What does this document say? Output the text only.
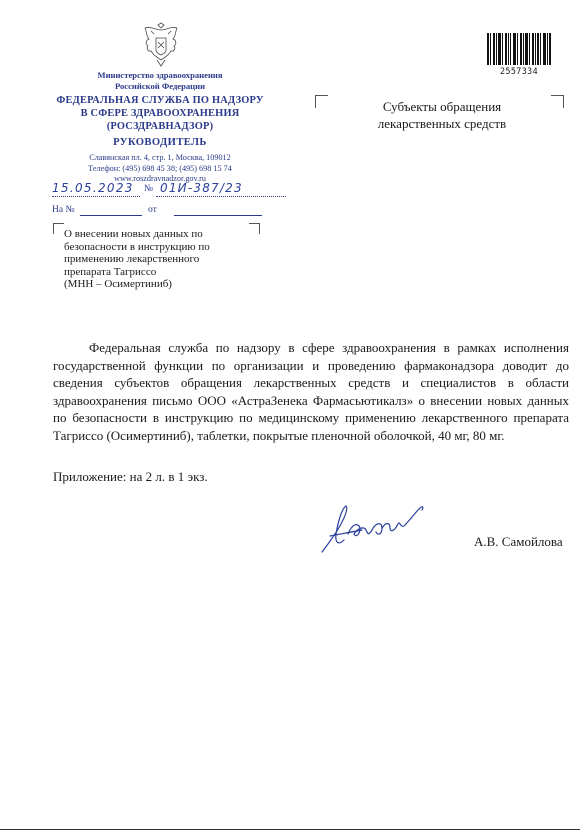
Министерство здравоохранения
Российской Федерации
ФЕДЕРАЛЬНАЯ СЛУЖБА ПО НАДЗОРУ
В СФЕРЕ ЗДРАВООХРАНЕНИЯ
(РОСЗДРАВНАДЗОР)
РУКОВОДИТЕЛЬ
Славянская пл. 4, стр. 1, Москва, 109012
Телефон: (495) 698 45 38; (495) 698 15 74
www.roszdravnadzor.gov.ru
15.05.2023 № 01И-387/23
На №	от
О внесении новых данных по
безопасности в инструкцию по
применению лекарственного
препарата Тагриссо
(МНН – Осимертиниб)
Субъекты обращения
лекарственных средств
2557334
Федеральная служба по надзору в сфере здравоохранения в рамках исполнения государственной функции по организации и проведению фармаконадзора доводит до сведения субъектов обращения лекарственных средств и специалистов в области здравоохранения письмо ООО «АстраЗенека Фармасьютикалз» о внесении новых данных по безопасности в инструкцию по медицинскому применению лекарственного препарата Тагриссо (Осимертиниб), таблетки, покрытые пленочной оболочкой, 40 мг, 80 мг.
Приложение: на 2 л. в 1 экз.
А.В. Самойлова
